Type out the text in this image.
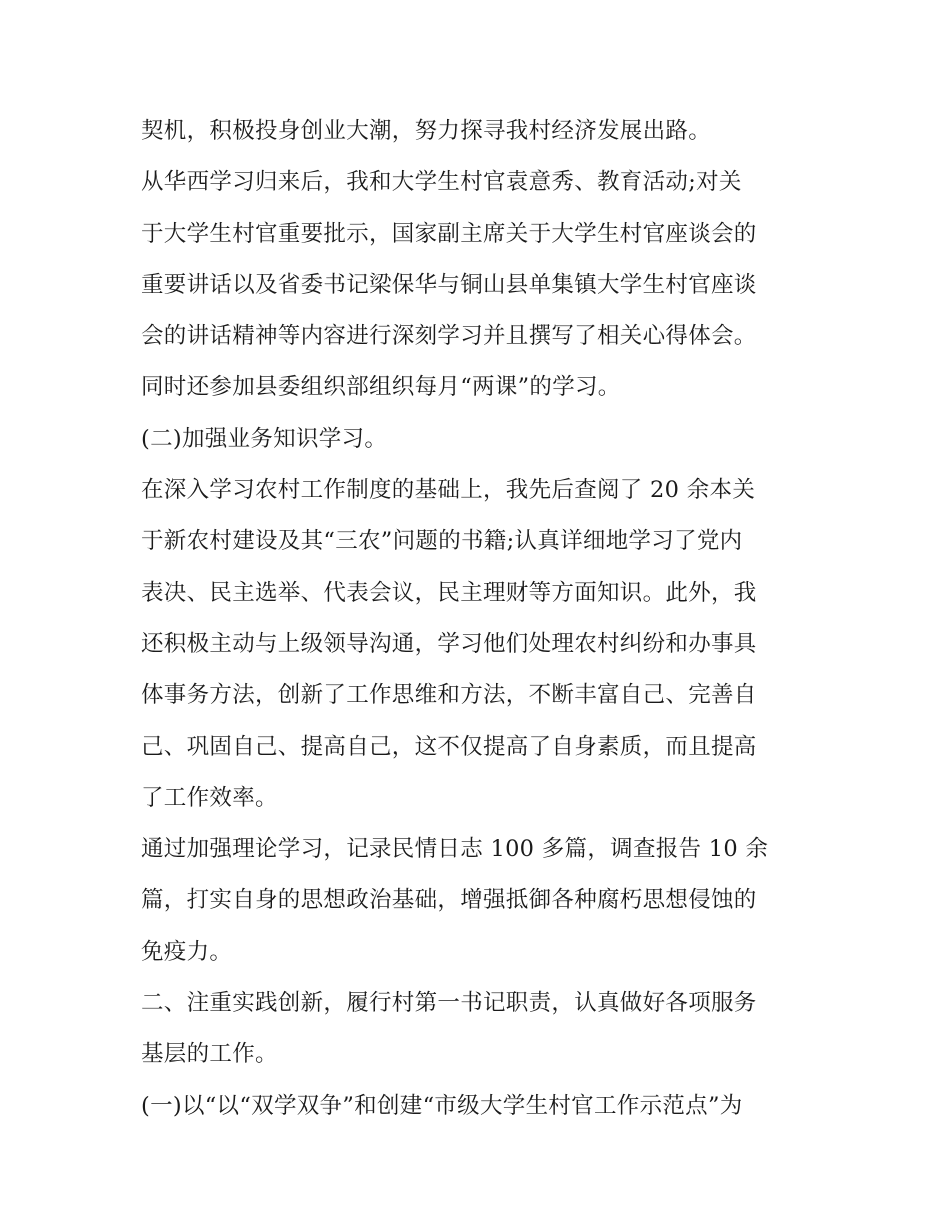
契机，积极投身创业大潮，努力探寻我村经济发展出路。
从华西学习归来后，我和大学生村官袁意秀、教育活动;对关
于大学生村官重要批示，国家副主席关于大学生村官座谈会的
重要讲话以及省委书记梁保华与铜山县单集镇大学生村官座谈
会的讲话精神等内容进行深刻学习并且撰写了相关心得体会。
同时还参加县委组织部组织每月“两课”的学习。
(二)加强业务知识学习。
在深入学习农村工作制度的基础上，我先后查阅了 20 余本关
于新农村建设及其“三农”问题的书籍;认真详细地学习了党内
表决、民主选举、代表会议，民主理财等方面知识。此外，我
还积极主动与上级领导沟通，学习他们处理农村纠纷和办事具
体事务方法，创新了工作思维和方法，不断丰富自己、完善自
己、巩固自己、提高自己，这不仅提高了自身素质，而且提高
了工作效率。
通过加强理论学习，记录民情日志 100 多篇，调查报告 10 余
篇，打实自身的思想政治基础，增强抵御各种腐朽思想侵蚀的
免疫力。
二、注重实践创新，履行村第一书记职责，认真做好各项服务
基层的工作。
(一)以“以“双学双争”和创建“市级大学生村官工作示范点”为
